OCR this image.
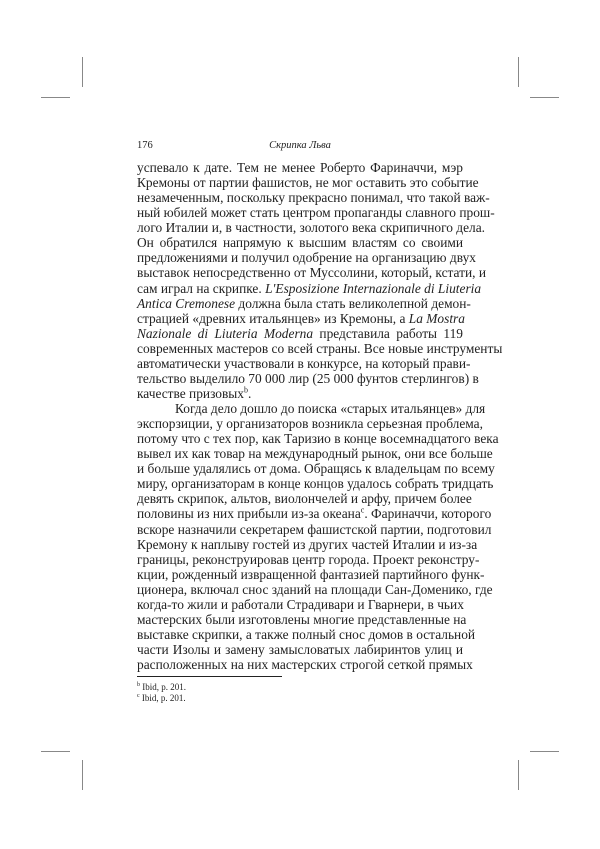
176	Скрипка Льва
успевало к дате. Тем не менее Роберто Фариначчи, мэр
Кремоны от партии фашистов, не мог оставить это событие
незамеченным, поскольку прекрасно понимал, что такой важ-
ный юбилей может стать центром пропаганды славного прош-
лого Италии и, в частности, золотого века скрипичного дела.
Он обратился напрямую к высшим властям со своими
предложениями и получил одобрение на организацию двух
выставок непосредственно от Муссолини, который, кстати, и
сам играл на скрипке. L'Esposizione Internazionale di Liuteria
Antica Cremonese должна была стать великолепной демон-
страцией «древних итальянцев» из Кремоны, а La Mostra
Nazionale di Liuteria Moderna представила работы 119
современных мастеров со всей страны. Все новые инструменты
автоматически участвовали в конкурсе, на который прави-
тельство выделило 70 000 лир (25 000 фунтов стерлингов) в
качестве призовых$^b$.
Когда дело дошло до поиска «старых итальянцев» для
экспорзиции, у организаторов возникла серьезная проблема,
потому что с тех пор, как Таризио в конце восемнадцатого века
вывел их как товар на международный рынок, они все больше
и больше удалялись от дома. Обращясь к владельцам по всему
миру, организаторам в конце концов удалось собрать тридцать
девять скрипок, альтов, виолончелей и арфу, причем более
половины из них прибыли из-за океана$^c$. Фариначчи, которого
вскоре назначили секретарем фашистской партии, подготовил
Кремону к наплыву гостей из других частей Италии и из-за
границы, реконструировав центр города. Проект реконстру-
кции, рожденный извращенной фантазией партийного функ-
ционера, включал снос зданий на площади Сан-Доменико, где
когда-то жили и работали Страдивари и Гварнери, в чьих
мастерских были изготовлены многие представленные на
выставке скрипки, а также полный снос домов в остальной
части Изолы и замену замысловатых лабиринтов улиц и
расположенных на них мастерских строгой сеткой прямых
$^b$ Ibid, p. 201.
$^c$ Ibid, p. 201.
